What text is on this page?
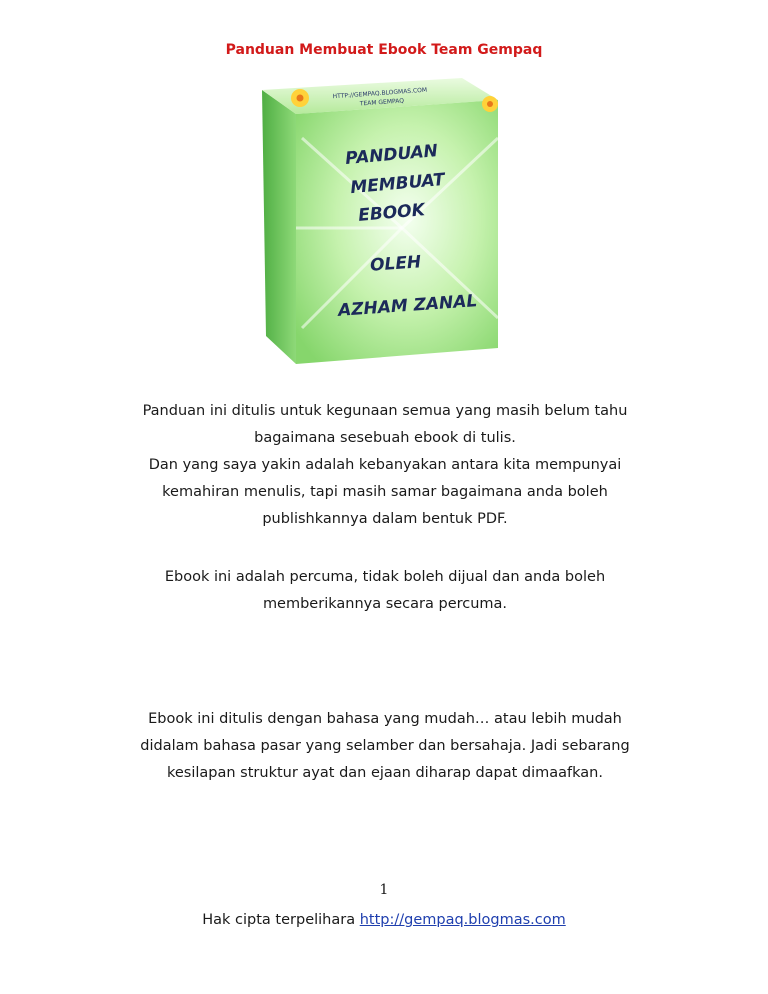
Panduan Membuat Ebook Team Gempaq
HTTP://GEMPAQ.BLOGMAS.COM
TEAM GEMPAQ
PANDUAN
MEMBUAT
EBOOK
OLEH
AZHAM ZANAL
Panduan ini ditulis untuk kegunaan semua yang masih belum tahu
bagaimana sesebuah ebook di tulis.
Dan yang saya yakin adalah kebanyakan antara kita mempunyai
kemahiran menulis, tapi masih samar bagaimana anda boleh
publishkannya dalam bentuk PDF.
Ebook ini adalah percuma, tidak boleh dijual dan anda boleh
memberikannya secara percuma.
Ebook ini ditulis dengan bahasa yang mudah… atau lebih mudah
didalam bahasa pasar yang selamber dan bersahaja. Jadi sebarang
kesilapan struktur ayat dan ejaan diharap dapat dimaafkan.
1
Hak cipta terpelihara http://gempaq.blogmas.com
